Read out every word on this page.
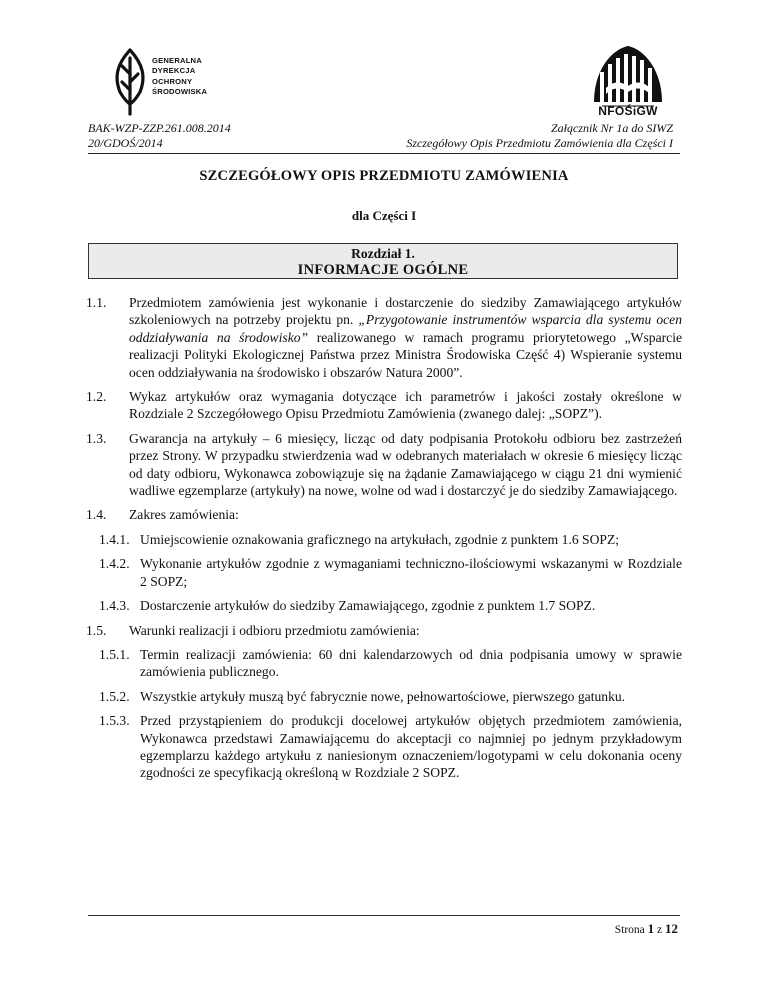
GENERALNA
DYREKCJA
OCHRONY
ŚRODOWISKA
NFOŚiGW
BAK-WZP-ZZP.261.008.2014
20/GDOŚ/2014
Załącznik Nr 1a do SIWZ
Szczegółowy Opis Przedmiotu Zamówienia dla Części I
SZCZEGÓŁOWY OPIS PRZEDMIOTU ZAMÓWIENIA
dla Części I
Rozdział 1.
INFORMACJE OGÓLNE
1.1. Przedmiotem zamówienia jest wykonanie i dostarczenie do siedziby Zamawiającego artykułów szkoleniowych na potrzeby projektu pn. „Przygotowanie instrumentów wsparcia dla systemu ocen oddziaływania na środowisko” realizowanego w ramach programu priorytetowego „Wsparcie realizacji Polityki Ekologicznej Państwa przez Ministra Środowiska Część 4) Wspieranie systemu ocen oddziaływania na środowisko i obszarów Natura 2000”.
1.2. Wykaz artykułów oraz wymagania dotyczące ich parametrów i jakości zostały określone w Rozdziale 2 Szczegółowego Opisu Przedmiotu Zamówienia (zwanego dalej: „SOPZ”).
1.3. Gwarancja na artykuły – 6 miesięcy, licząc od daty podpisania Protokołu odbioru bez zastrzeżeń przez Strony. W przypadku stwierdzenia wad w odebranych materiałach w okresie 6 miesięcy licząc od daty odbioru, Wykonawca zobowiązuje się na żądanie Zamawiającego w ciągu 21 dni wymienić wadliwe egzemplarze (artykuły) na nowe, wolne od wad i dostarczyć je do siedziby Zamawiającego.
1.4. Zakres zamówienia:
1.4.1. Umiejscowienie oznakowania graficznego na artykułach, zgodnie z punktem 1.6 SOPZ;
1.4.2. Wykonanie artykułów zgodnie z wymaganiami techniczno-ilościowymi wskazanymi w Rozdziale 2 SOPZ;
1.4.3. Dostarczenie artykułów do siedziby Zamawiającego, zgodnie z punktem 1.7 SOPZ.
1.5. Warunki realizacji i odbioru przedmiotu zamówienia:
1.5.1. Termin realizacji zamówienia: 60 dni kalendarzowych od dnia podpisania umowy w sprawie zamówienia publicznego.
1.5.2. Wszystkie artykuły muszą być fabrycznie nowe, pełnowartościowe, pierwszego gatunku.
1.5.3. Przed przystąpieniem do produkcji docelowej artykułów objętych przedmiotem zamówienia, Wykonawca przedstawi Zamawiającemu do akceptacji co najmniej po jednym przykładowym egzemplarzu każdego artykułu z naniesionym oznaczeniem/logotypami w celu dokonania oceny zgodności ze specyfikacją określoną w Rozdziale 2 SOPZ.
Strona 1 z 12
